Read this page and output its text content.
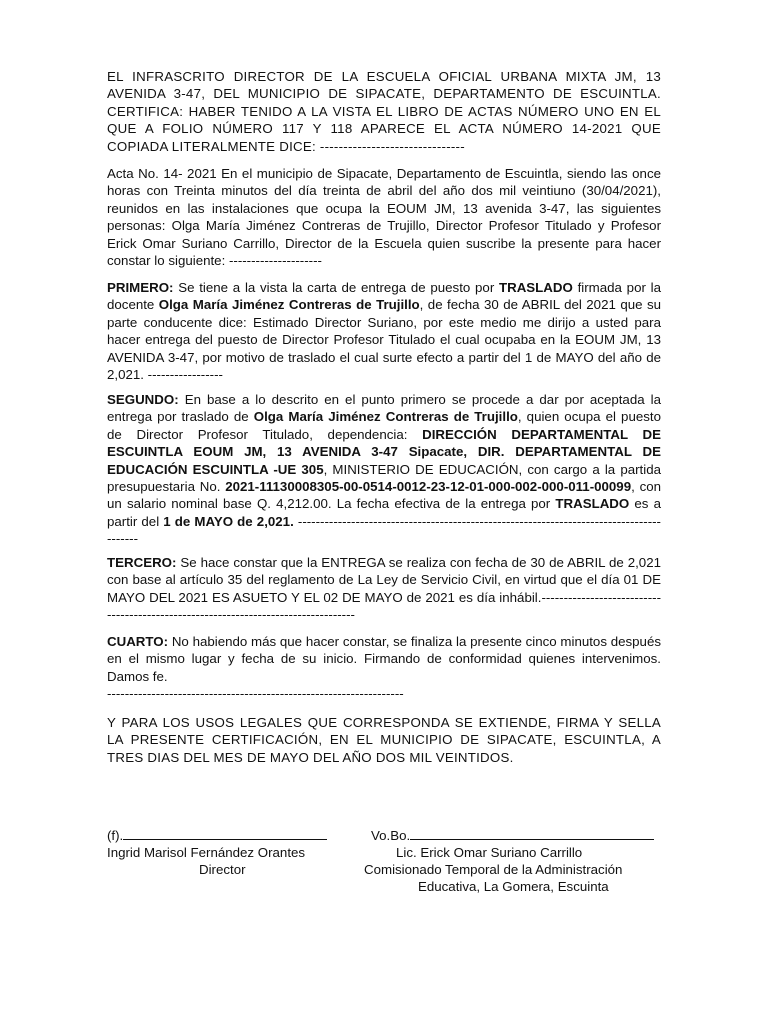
EL INFRASCRITO DIRECTOR DE LA ESCUELA OFICIAL URBANA MIXTA JM, 13 AVENIDA 3-47, DEL MUNICIPIO DE SIPACATE, DEPARTAMENTO DE ESCUINTLA. CERTIFICA: HABER TENIDO A LA VISTA EL LIBRO DE ACTAS NÚMERO UNO EN EL QUE A FOLIO NÚMERO 117 Y 118 APARECE EL ACTA NÚMERO 14-2021 QUE COPIADA LITERALMENTE DICE: -------------------------------

Acta No. 14- 2021 En el municipio de Sipacate, Departamento de Escuintla, siendo las once horas con Treinta minutos del día treinta de abril del año dos mil veintiuno (30/04/2021), reunidos en las instalaciones que ocupa la EOUM JM, 13 avenida 3-47, las siguientes personas: Olga María Jiménez Contreras de Trujillo, Director Profesor Titulado y Profesor Erick Omar Suriano Carrillo, Director de la Escuela quien suscribe la presente para hacer constar lo siguiente: ---------------------

PRIMERO: Se tiene a la vista la carta de entrega de puesto por TRASLADO firmada por la docente Olga María Jiménez Contreras de Trujillo, de fecha 30 de ABRIL del 2021 que su parte conducente dice: Estimado Director Suriano, por este medio me dirijo a usted para hacer entrega del puesto de Director Profesor Titulado el cual ocupaba en la EOUM JM, 13 AVENIDA 3-47, por motivo de traslado el cual surte efecto a partir del 1 de MAYO del año de 2,021. -----------------

SEGUNDO: En base a lo descrito en el punto primero se procede a dar por aceptada la entrega por traslado de Olga María Jiménez Contreras de Trujillo, quien ocupa el puesto de Director Profesor Titulado, dependencia: DIRECCIÓN DEPARTAMENTAL DE ESCUINTLA EOUM JM, 13 AVENIDA 3-47 Sipacate, DIR. DEPARTAMENTAL DE EDUCACIÓN ESCUINTLA -UE 305, MINISTERIO DE EDUCACIÓN, con cargo a la partida presupuestaria No. 2021-11130008305-00-0514-0012-23-12-01-000-002-000-011-00099, con un salario nominal base Q. 4,212.00. La fecha efectiva de la entrega por TRASLADO es a partir del 1 de MAYO de 2,021. -----------------------------------------------------------------------------------------

TERCERO: Se hace constar que la ENTREGA se realiza con fecha de 30 de ABRIL de 2,021 con base al artículo 35 del reglamento de La Ley de Servicio Civil, en virtud que el día 01 DE MAYO DEL 2021 ES ASUETO Y EL 02 DE MAYO de 2021 es día inhábil.-----------------------------------------------------------------------------------

CUARTO: No habiendo más que hacer constar, se finaliza la presente cinco minutos después en el mismo lugar y fecha de su inicio. Firmando de conformidad quienes intervenimos. Damos fe.
-------------------------------------------------------------------

Y PARA LOS USOS LEGALES QUE CORRESPONDA SE EXTIENDE, FIRMA Y SELLA LA PRESENTE CERTIFICACIÓN, EN EL MUNICIPIO DE SIPACATE, ESCUINTLA, A TRES DIAS DEL MES DE MAYO DEL AÑO DOS MIL VEINTIDOS.

(f).
Ingrid Marisol Fernández Orantes
Director
Vo.Bo.
Lic. Erick Omar Suriano Carrillo
Comisionado Temporal de la Administración
Educativa, La Gomera, Escuinta
